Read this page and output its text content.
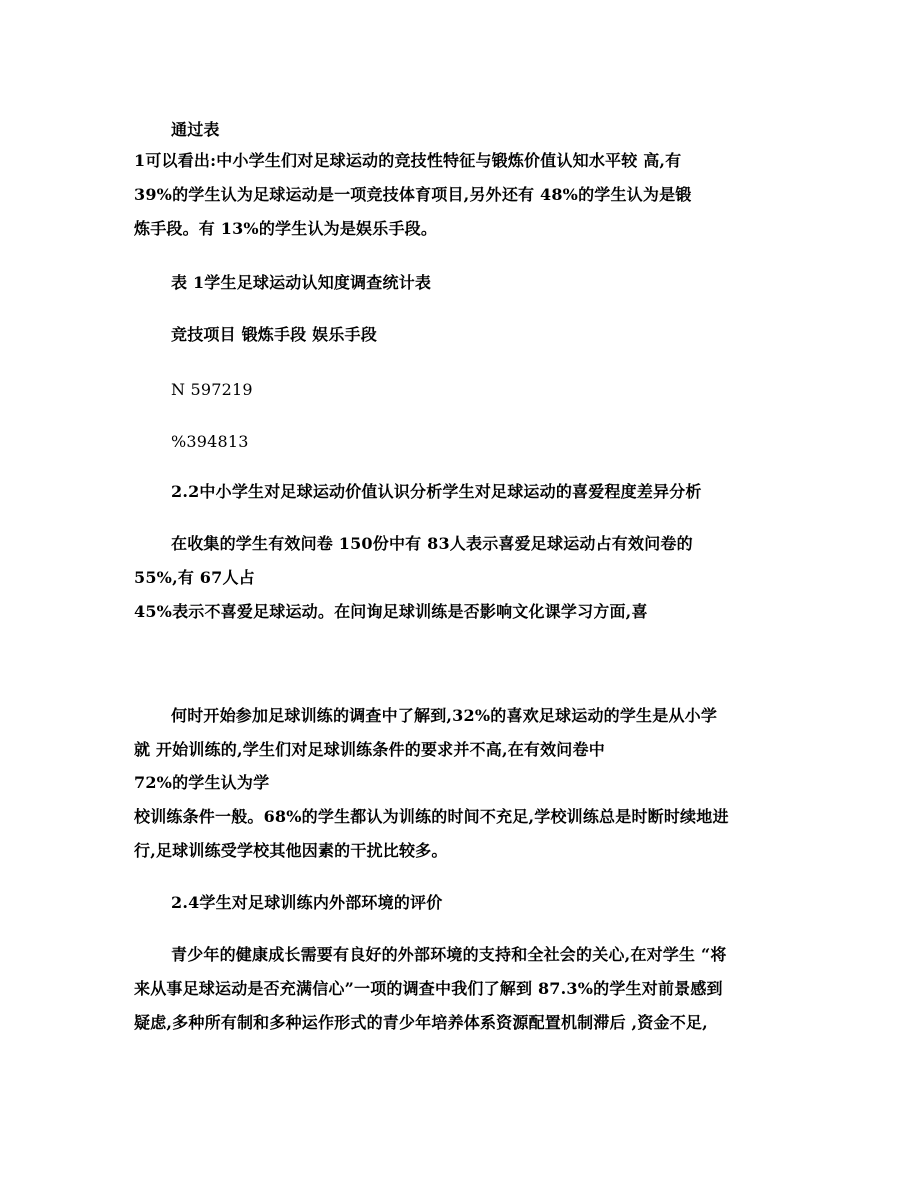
通过表
1可以看出:中小学生们对足球运动的竞技性特征与锻炼价值认知水平较 高,有
39%的学生认为足球运动是一项竞技体育项目,另外还有 48%的学生认为是锻
炼手段。有 13%的学生认为是娱乐手段。
表 1学生足球运动认知度调查统计表
竞技项目 锻炼手段 娱乐手段
N 597219
%394813
2.2中小学生对足球运动价值认识分析学生对足球运动的喜爱程度差异分析
在收集的学生有效问卷 150份中有 83人表示喜爱足球运动占有效问卷的
55%,有 67人占
45%表示不喜爱足球运动。在问询足球训练是否影响文化课学习方面,喜
何时开始参加足球训练的调查中了解到,32%的喜欢足球运动的学生是从小学
就 开始训练的,学生们对足球训练条件的要求并不高,在有效问卷中
72%的学生认为学
校训练条件一般。68%的学生都认为训练的时间不充足,学校训练总是时断时续地进
行,足球训练受学校其他因素的干扰比较多。
2.4学生对足球训练内外部环境的评价
青少年的健康成长需要有良好的外部环境的支持和全社会的关心,在对学生 “将
来从事足球运动是否充满信心”一项的调查中我们了解到 87.3%的学生对前景感到
疑虑,多种所有制和多种运作形式的青少年培养体系资源配置机制滞后 ,资金不足,
